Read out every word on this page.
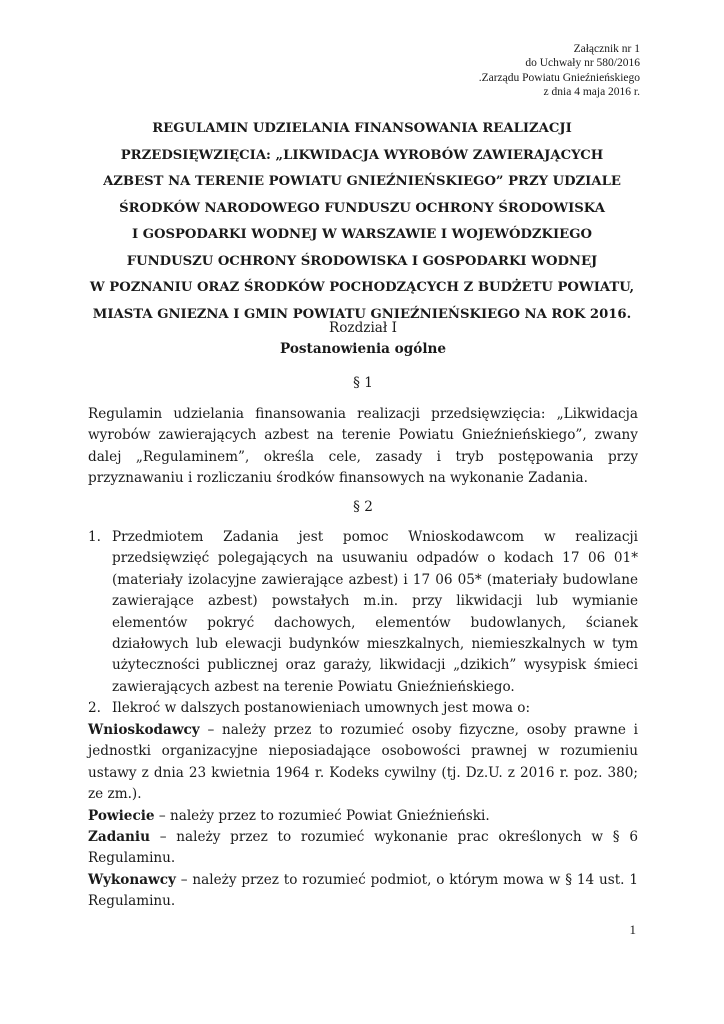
Załącznik nr 1
do Uchwały nr 580/2016
.Zarządu Powiatu Gnieźnieńskiego
z dnia 4 maja 2016 r.
REGULAMIN UDZIELANIA FINANSOWANIA REALIZACJI
PRZEDSIĘWZIĘCIA: „LIKWIDACJA WYROBÓW ZAWIERAJĄCYCH
AZBEST NA TERENIE POWIATU GNIEŹNIEŃSKIEGO” PRZY UDZIALE
ŚRODKÓW NARODOWEGO FUNDUSZU OCHRONY ŚRODOWISKA
I GOSPODARKI WODNEJ W WARSZAWIE I WOJEWÓDZKIEGO
FUNDUSZU OCHRONY ŚRODOWISKA I GOSPODARKI WODNEJ
W POZNANIU ORAZ ŚRODKÓW POCHODZĄCYCH Z BUDŻETU POWIATU,
MIASTA GNIEZNA I GMIN POWIATU GNIEŹNIEŃSKIEGO NA ROK 2016.
Rozdział I
Postanowienia ogólne
§ 1
Regulamin udzielania finansowania realizacji przedsięwzięcia: „Likwidacja wyrobów zawierających azbest na terenie Powiatu Gnieźnieńskiego”, zwany dalej „Regulaminem”, określa cele, zasady i tryb postępowania przy przyznawaniu i rozliczaniu środków finansowych na wykonanie Zadania.
§ 2
1. Przedmiotem Zadania jest pomoc Wnioskodawcom w realizacji przedsięwzięć polegających na usuwaniu odpadów o kodach 17 06 01* (materiały izolacyjne zawierające azbest) i 17 06 05* (materiały budowlane zawierające azbest) powstałych m.in. przy likwidacji lub wymianie elementów pokryć dachowych, elementów budowlanych, ścianek działowych lub elewacji budynków mieszkalnych, niemieszkalnych w tym użyteczności publicznej oraz garaży, likwidacji „dzikich” wysypisk śmieci zawierających azbest na terenie Powiatu Gnieźnieńskiego.
2. Ilekroć w dalszych postanowieniach umownych jest mowa o:
Wnioskodawcy – należy przez to rozumieć osoby fizyczne, osoby prawne i jednostki organizacyjne nieposiadające osobowości prawnej w rozumieniu ustawy z dnia 23 kwietnia 1964 r. Kodeks cywilny (tj. Dz.U. z 2016 r. poz. 380; ze zm.).
Powiecie – należy przez to rozumieć Powiat Gnieźnieński.
Zadaniu – należy przez to rozumieć wykonanie prac określonych w § 6 Regulaminu.
Wykonawcy – należy przez to rozumieć podmiot, o którym mowa w § 14 ust. 1 Regulaminu.
1
